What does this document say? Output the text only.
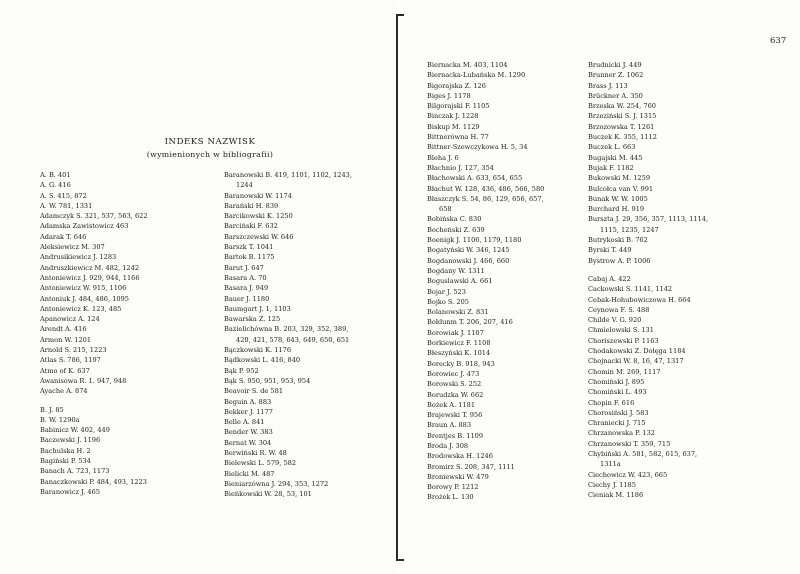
INDEKS NAZWISK
(wymienionych w bibliografii)
A. B. 401
A. G. 416
A. S. 415, 872
A. W. 781, 1331
Adamczyk S. 321, 537, 563, 622
Adamska Zawistowicz 463
Adarak T. 646
Aleksiewicz M. 307
Andrusikiewicz J. 1283
Andruszkiewicz M. 482, 1242
Antoniewicz J. 929, 944, 1166
Antoniewicz W. 915, 1106
Antoniuk J. 484, 486, 1095
Antoniewicz K. 123, 485
Apanowicz A. 124
Arendt A. 416
Armon W. 1201
Arnold S. 215, 1223
Atlas S. 786, 1197
Atmo of K. 637
Awanisowa R. 1. 947, 948
Ayache A. 874
B. J. 85
B. W. 1290a
Babinicz W. 402, 449
Baczewski J. 1196
Bachulska H. 2
Bagiński P. 534
Banach A. 723, 1173
Banaczkowski P. 484, 493, 1223
Baranowicz J. 465
Baranowski B. 419, 1101, 1102, 1243,
1244
Baranowski W. 1174
Barański H. 839
Barcikowski K. 1250
Barciński F. 632
Barszczewski W. 646
Barszk T. 1041
Bartok B. 1175
Barut J. 647
Basara A. 70
Basara J. 949
Bauer J. 1180
Baumgart J. 1, 1103
Bawarska Z. 125
Bazielichówna B. 203, 329, 352, 389,
420, 421, 578, 643, 649, 650, 651
Bączkowski K. 1176
Bądkowski L. 416, 840
Bąk P. 952
Bąk S. 950, 951, 953, 954
Beavoir S. de 581
Beguin A. 883
Bekker J. 1177
Belle A. 841
Bender W. 383
Bernat W. 304
Berwiński R. W. 48
Bielewski L. 579, 582
Bielicki M. 487
Bieniarzówna J. 294, 353, 1272
Bieńkowski W. 28, 53, 101
Biernacka M. 403, 1104
Biernacka-Lubańska M. 1290
Bigorajska Z. 126
Biges J. 1178
Bilgorajski F. 1105
Binczak J. 1228
Biskup M. 1129
Bittnerówna H. 77
Bittner-Szewczykowa H. 5, 34
Bleha J. 6
Błachnio J. 127, 354
Błachowski A. 633, 654, 655
Błachut W. 128, 436, 486, 566, 580
Błaszczyk S. 54, 86, 129, 656, 657,
658
Bobińska C. 830
Bocheński Z. 639
Boenigk J. 1106, 1179, 1180
Bogatyński W. 346, 1245
Bogdanowski J. 466, 660
Bogdany W. 1311
Boguslawski A. 661
Bojar J. 523
Bojko S. 205
Bolanowski Z. 831
Bołdunm T. 206, 207, 416
Borowiak J. 1107
Borkiewicz F. 1108
Błeszyński K. 1014
Borecky B. 918, 943
Borowiec J. 473
Borowski S. 252
Borudzka W. 662
Bożek A. 1181
Brajewski T. 956
Braun A. 883
Brentjes B. 1109
Broda J. 308
Brodowska H. 1246
Bromirz S. 208, 347, 1111
Broniewski W. 479
Borowy P. 1212
Brożek L. 130
Brudnicki J. 449
Brunner Z. 1062
Brass J. 113
Brückner A. 350
Brzeska W. 254, 760
Brzeziński S. J. 1315
Brzozowska T. 1261
Buczek K. 355, 1112
Buczek L. 663
Bugajski M. 445
Bujak F. 1182
Bukowski M. 1259
Bulcołca van V. 991
Bunak W. W. 1005
Burchard H. 919
Burszta J. 29, 356, 357, 1113, 1114,
1115, 1235, 1247
Butrykoski B. 762
Byrski T. 449
Bystrow A. P. 1006
Cabaj A. 422
Cackowski S. 1141, 1142
Cebak-Hohubowiczowa H. 664
Ceynowa F. S. 488
Childe V. G. 920
Chmielowski S. 131
Choriszewski P. 1163
Chodakowski Z. Dołęga 1184
Chojnacki W. 8, 16, 47, 1317
Chomin M. 269, 1117
Chomiński J. 895
Chomiński L. 493
Chopin F. 616
Chorosiński J. 583
Chraniecki J. 715
Chrzanowska P. 132
Chrzanowski T. 359, 715
Chybiński A. 581, 582, 615, 637,
1311a
Ciechowicz W. 423, 665
Ciechy J. 1185
Cieniak M. 1186
637
